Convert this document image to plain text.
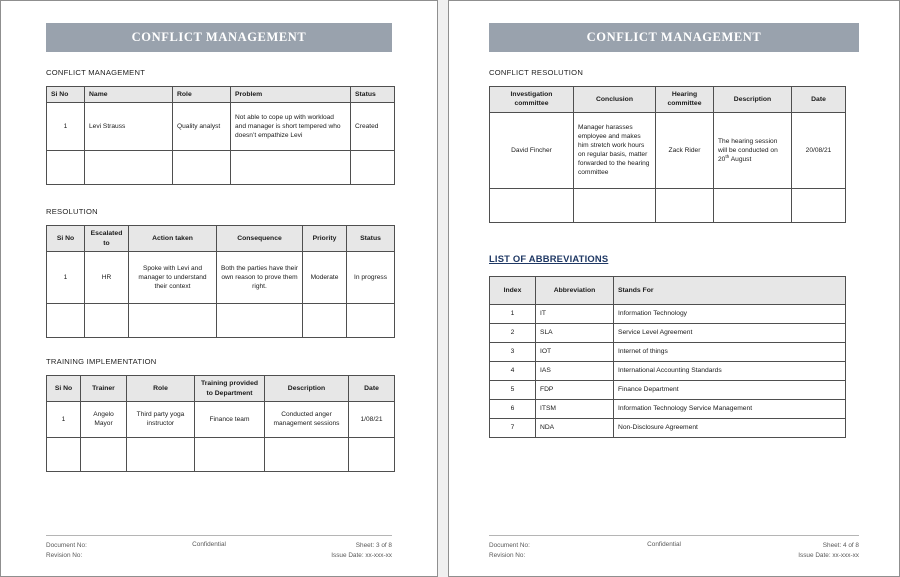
CONFLICT MANAGEMENT
CONFLICT MANAGEMENT
Si No	Name	Role	Problem	Status
1	Levi Strauss	Quality analyst	Not able to cope up with workload and manager is short tempered who doesn’t empathize Levi	Created

RESOLUTION
Si No	Escalated to	Action taken	Consequence	Priority	Status
1	HR	Spoke with Levi and manager to understand their context	Both the parties have their own reason to prove them right.	Moderate	In progress

TRAINING IMPLEMENTATION
Si No	Trainer	Role	Training provided to Department	Description	Date
1	Angelo Mayor	Third party yoga instructor	Finance team	Conducted anger management sessions	1/08/21

Document No:
Revision No:
Confidential	Sheet: 3 of 8
Issue Date: xx-xxx-xx
CONFLICT MANAGEMENT
CONFLICT RESOLUTION
Investigation committee	Conclusion	Hearing committee	Description	Date
David Fincher	Manager harasses employee and makes him stretch work hours on regular basis, matter forwarded to the hearing committee	Zack Rider	The hearing session will be conducted on 20th August	20/08/21

LIST OF ABBREVIATIONS
Index	Abbreviation	Stands For
1	IT	Information Technology
2	SLA	Service Level Agreement
3	IOT	Internet of things
4	IAS	International Accounting Standards
5	FDP	Finance Department
6	ITSM	Information Technology Service Management
7	NDA	Non-Disclosure Agreement
Document No:
Revision No:
Confidential	Sheet: 4 of 8
Issue Date: xx-xxx-xx
